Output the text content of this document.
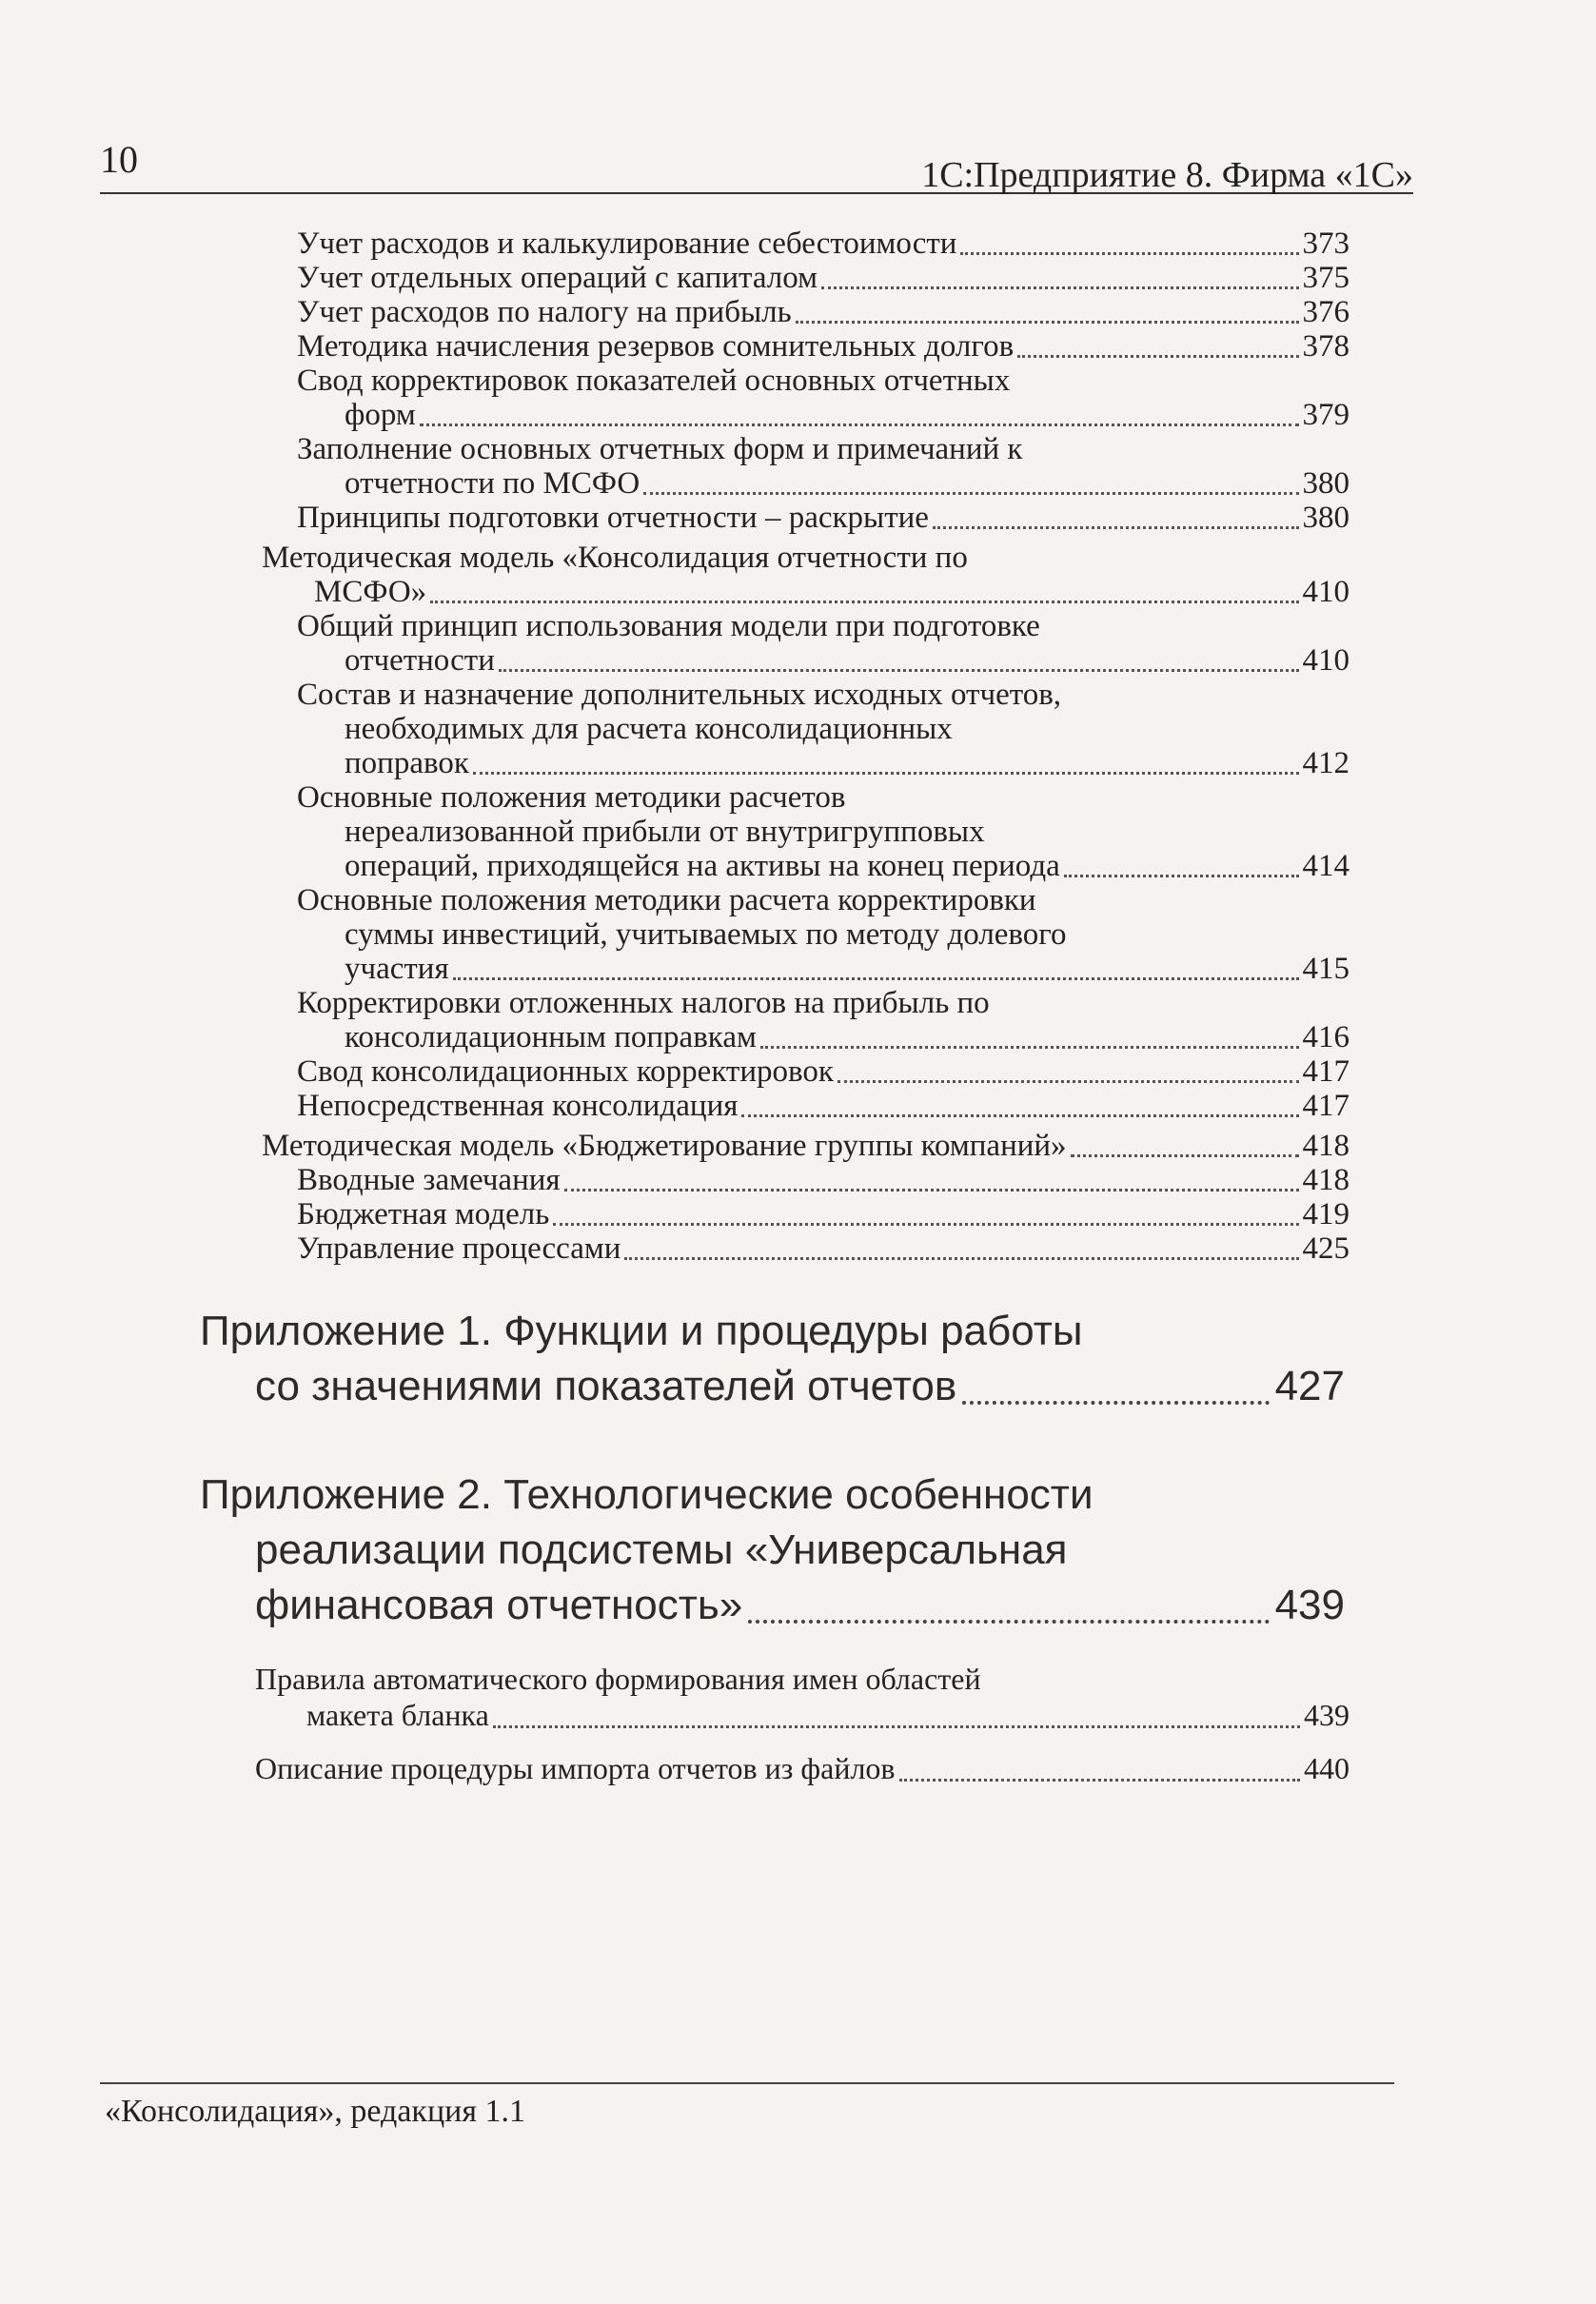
10	1С:Предприятие 8. Фирма «1С»
Учет расходов и калькулирование себестоимости	373
Учет отдельных операций с капиталом	375
Учет расходов по налогу на прибыль	376
Методика начисления резервов сомнительных долгов	378
Свод корректировок показателей основных отчетных
форм	379
Заполнение основных отчетных форм и примечаний к
отчетности по МСФО	380
Принципы подготовки отчетности – раскрытие	380
Методическая модель «Консолидация отчетности по
МСФО»	410
Общий принцип использования модели при подготовке
отчетности	410
Состав и назначение дополнительных исходных отчетов,
необходимых для расчета консолидационных
поправок	412
Основные положения методики расчетов
нереализованной прибыли от внутригрупповых
операций, приходящейся на активы на конец периода	414
Основные положения методики расчета корректировки
суммы инвестиций, учитываемых по методу долевого
участия	415
Корректировки отложенных налогов на прибыль по
консолидационным поправкам	416
Свод консолидационных корректировок	417
Непосредственная консолидация	417
Методическая модель «Бюджетирование группы компаний»	418
Вводные замечания	418
Бюджетная модель	419
Управление процессами	425
Приложение 1. Функции и процедуры работы
со значениями показателей отчетов	427
Приложение 2. Технологические особенности
реализации подсистемы «Универсальная
финансовая отчетность»	439
Правила автоматического формирования имен областей
макета бланка	439
Описание процедуры импорта отчетов из файлов	440
«Консолидация», редакция 1.1
